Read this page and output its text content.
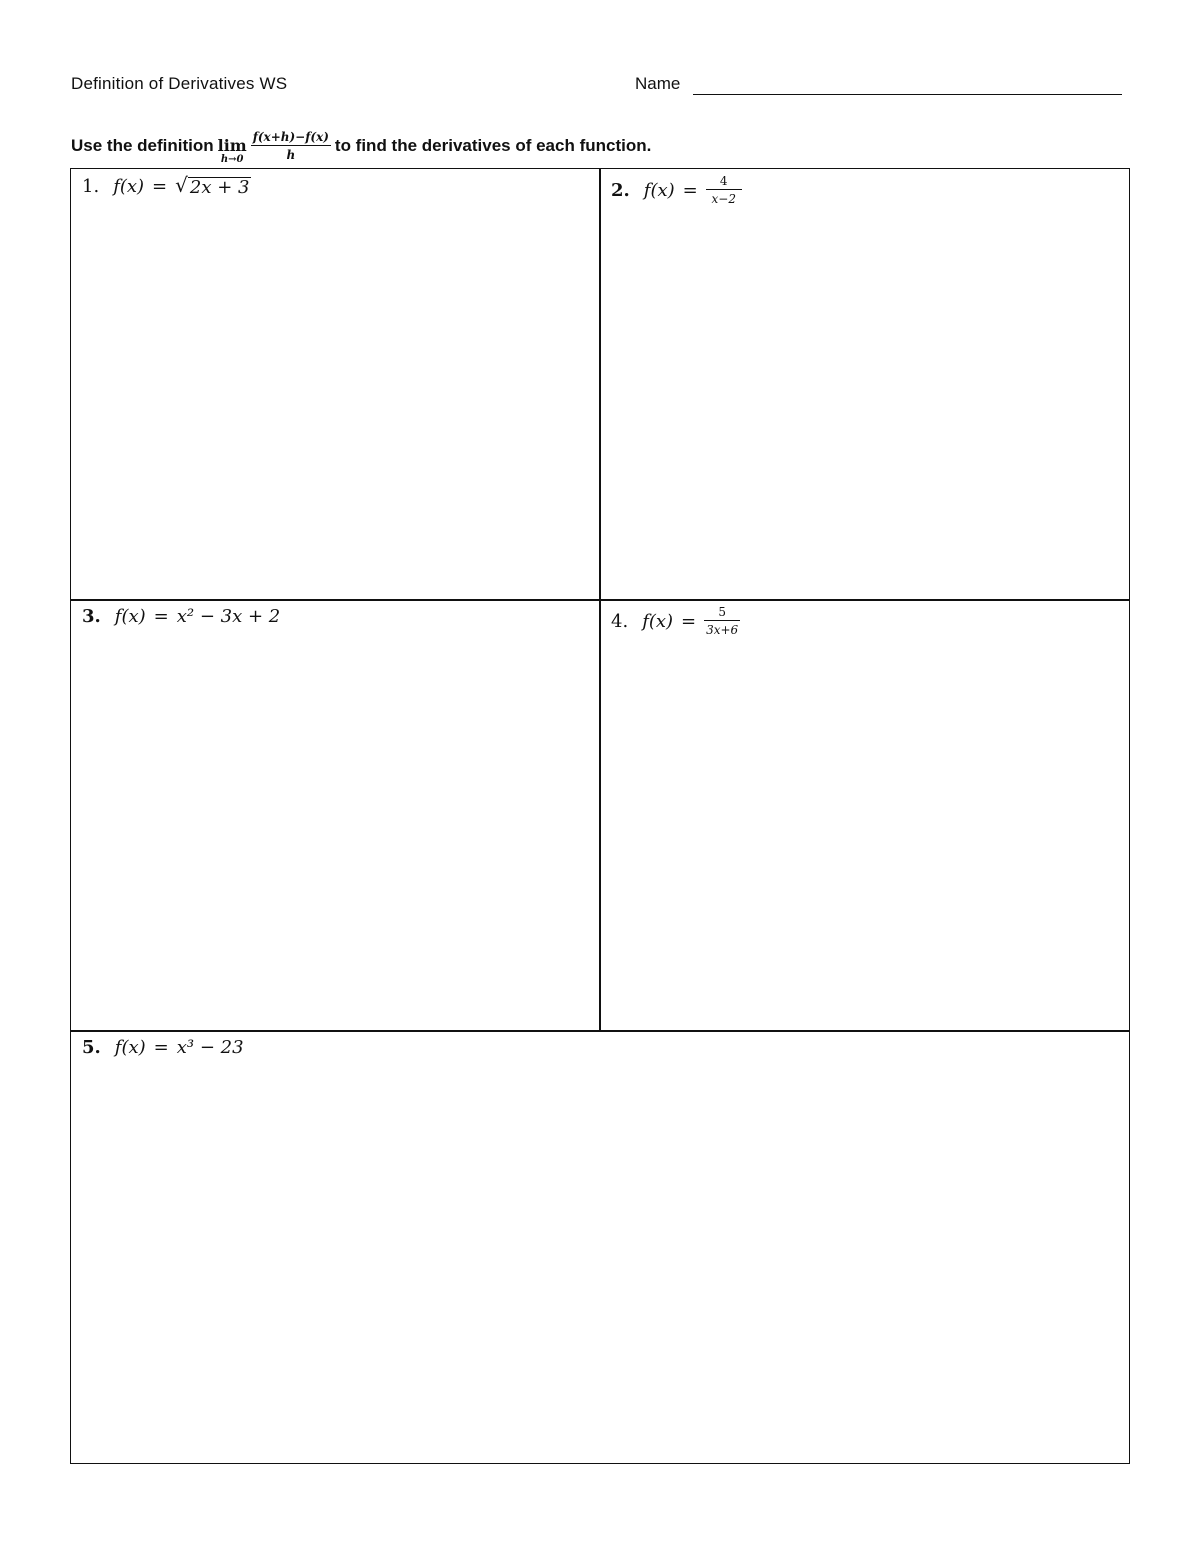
Definition of Derivatives WS	Name
Use the definition lim
$h\to 0 \frac{f(x+h)-f(x)}{h}$ to find the derivatives of each function.
1. f(x) = √ 2x + 3	2. $f(x) = \frac{4}{x-2}$
3. f(x) = x² − 3x + 2	4. $f(x) = \frac{5}{3x+6}$
5. f(x) = x³ − 23
